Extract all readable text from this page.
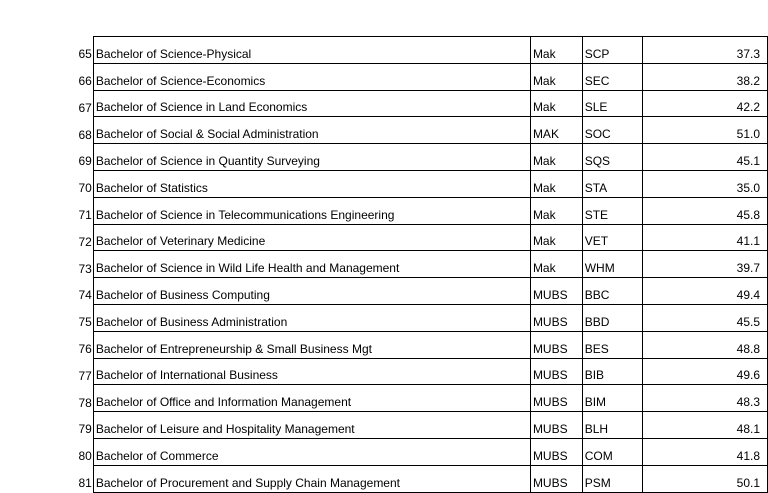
65	Bachelor of Science-Physical	Mak	SCP	37.3
66	Bachelor of Science-Economics	Mak	SEC	38.2
67	Bachelor of Science in Land Economics	Mak	SLE	42.2
68	Bachelor of Social & Social Administration	MAK	SOC	51.0
69	Bachelor of Science in Quantity Surveying	Mak	SQS	45.1
70	Bachelor of Statistics	Mak	STA	35.0
71	Bachelor of Science in Telecommunications Engineering	Mak	STE	45.8
72	Bachelor of Veterinary Medicine	Mak	VET	41.1
73	Bachelor of Science in Wild Life Health and Management	Mak	WHM	39.7
74	Bachelor of Business Computing	MUBS	BBC	49.4
75	Bachelor of Business Administration	MUBS	BBD	45.5
76	Bachelor of Entrepreneurship & Small Business Mgt	MUBS	BES	48.8
77	Bachelor of International Business	MUBS	BIB	49.6
78	Bachelor of Office and Information Management	MUBS	BIM	48.3
79	Bachelor of Leisure and Hospitality Management	MUBS	BLH	48.1
80	Bachelor of Commerce	MUBS	COM	41.8
81	Bachelor of Procurement and Supply Chain Management	MUBS	PSM	50.1
